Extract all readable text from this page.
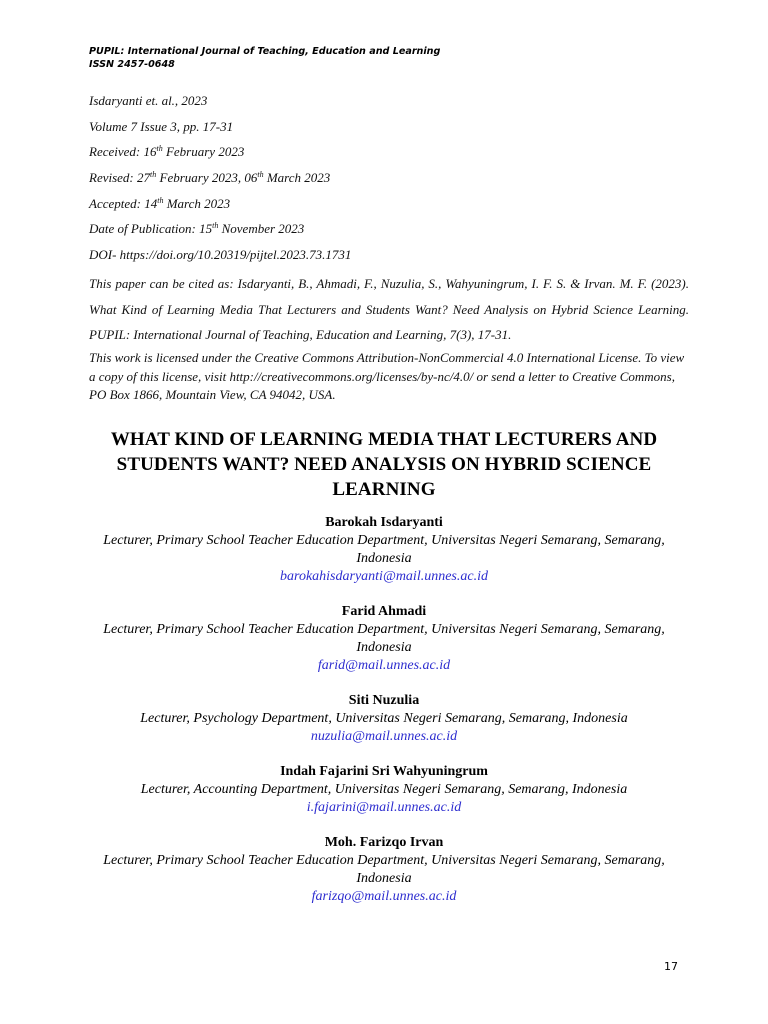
PUPIL: International Journal of Teaching, Education and Learning
ISSN 2457-0648
Isdaryanti et. al., 2023
Volume 7 Issue 3, pp. 17-31
Received: 16th February 2023
Revised: 27th February 2023, 06th March 2023
Accepted: 14th March 2023
Date of Publication: 15th November 2023
DOI- https://doi.org/10.20319/pijtel.2023.73.1731
This paper can be cited as: Isdaryanti, B., Ahmadi, F., Nuzulia, S., Wahyuningrum, I. F. S. & Irvan. M. F. (2023). What Kind of Learning Media That Lecturers and Students Want? Need Analysis on Hybrid Science Learning. PUPIL: International Journal of Teaching, Education and Learning, 7(3), 17-31.
This work is licensed under the Creative Commons Attribution-NonCommercial 4.0 International License. To view a copy of this license, visit http://creativecommons.org/licenses/by-nc/4.0/ or send a letter to Creative Commons, PO Box 1866, Mountain View, CA 94042, USA.
WHAT KIND OF LEARNING MEDIA THAT LECTURERS AND STUDENTS WANT? NEED ANALYSIS ON HYBRID SCIENCE LEARNING
Barokah Isdaryanti
Lecturer, Primary School Teacher Education Department, Universitas Negeri Semarang, Semarang, Indonesia
barokahisdaryanti@mail.unnes.ac.id
Farid Ahmadi
Lecturer, Primary School Teacher Education Department, Universitas Negeri Semarang, Semarang, Indonesia
farid@mail.unnes.ac.id
Siti Nuzulia
Lecturer, Psychology Department, Universitas Negeri Semarang, Semarang, Indonesia
nuzulia@mail.unnes.ac.id
Indah Fajarini Sri Wahyuningrum
Lecturer, Accounting Department, Universitas Negeri Semarang, Semarang, Indonesia
i.fajarini@mail.unnes.ac.id
Moh. Farizqo Irvan
Lecturer, Primary School Teacher Education Department, Universitas Negeri Semarang, Semarang, Indonesia
farizqo@mail.unnes.ac.id
17
